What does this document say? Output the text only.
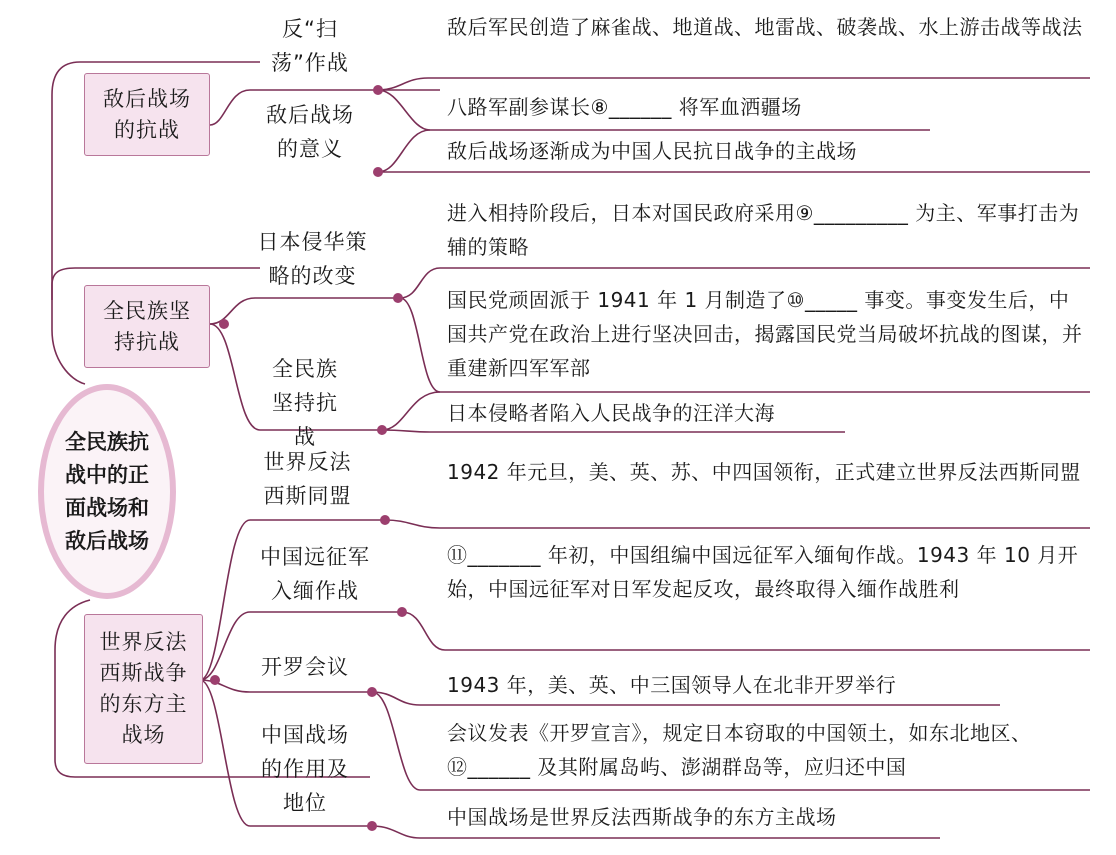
全民族抗战中的正面战场和敌后战场
敌后战场的抗战
全民族坚持抗战
世界反法西斯战争的东方主战场
反“扫荡”作战
敌后战场的意义
日本侵华策略的改变
全民族坚持抗战
世界反法西斯同盟
中国远征军入缅作战
开罗会议
中国战场的作用及地位
敌后军民创造了麻雀战、地道战、地雷战、破袭战、水上游击战等战法
八路军副参谋长⑧______ 将军血洒疆场
敌后战场逐渐成为中国人民抗日战争的主战场
进入相持阶段后，日本对国民政府采用⑨_________ 为主、军事打击为辅的策略
国民党顽固派于 1941 年 1 月制造了⑩_____ 事变。事变发生后，中国共产党在政治上进行坚决回击，揭露国民党当局破坏抗战的图谋，并重建新四军军部
日本侵略者陷入人民战争的汪洋大海
1942 年元旦，美、英、苏、中四国领衔，正式建立世界反法西斯同盟
⑪_______ 年初，中国组编中国远征军入缅甸作战。1943 年 10 月开始，中国远征军对日军发起反攻，最终取得入缅作战胜利
1943 年，美、英、中三国领导人在北非开罗举行
会议发表《开罗宣言》，规定日本窃取的中国领土，如东北地区、⑫______ 及其附属岛屿、澎湖群岛等，应归还中国
中国战场是世界反法西斯战争的东方主战场
